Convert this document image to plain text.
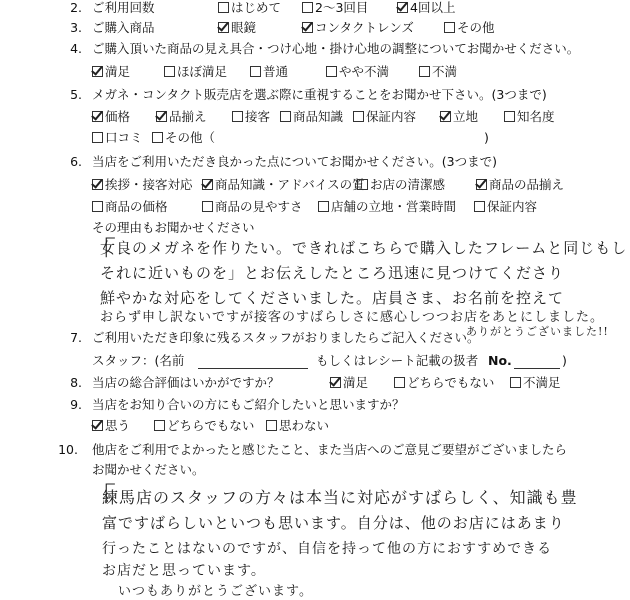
2. ご利用回数	はじめて	2～3回目	4回以上
3. ご購入商品	眼鏡	コンタクトレンズ	その他
4. ご購入頂いた商品の見え具合・つけ心地・掛け心地の調整についてお聞かせください。
満足	ほぼ満足	普通	やや不満	不満
5. メガネ・コンタクト販売店を選ぶ際に重視することをお聞かせ下さい。(3つまで)
価格	品揃え	接客	商品知識	保証内容	立地	知名度
口コミ	その他（	)
6. 当店をご利用いただき良かった点についてお聞かせください。(3つまで)
挨拶・接客対応	商品知識・アドバイスの質 お店の清潔感	商品の品揃え
商品の価格	商品の見やすさ	店舗の立地・営業時間	保証内容
その理由もお聞かせください
「
女良のメガネを作りたい。できればこちらで購入したフレームと同じもし
それに近いものを」とお伝えしたところ迅速に見つけてくださり
鮮やかな対応をしてくださいました。店員さま、お名前を控えて
おらず申し訳ないですが接客のすばらしさに感心しつつお店をあとにしました。
ありがとうございました!!
7. ご利用いただき印象に残るスタッフがおりましたらご記入ください。
スタッフ：(名前	もしくはレシート記載の扱者 No.	)
8. 当店の総合評価はいかがですか？	満足	どちらでもない	不満足
9. 当店をお知り合いの方にもご紹介したいと思いますか？
思う	どちらでもない	思わない
10. 他店をご利用でよかったと感じたこと、また当店へのご意見ご要望がございましたら
お聞かせください。
「
練馬店のスタッフの方々は本当に対応がすばらしく、知識も豊
富ですばらしいといつも思います。自分は、他のお店にはあまり
行ったことはないのですが、自信を持って他の方におすすめできる
お店だと思っています。
いつもありがとうございます。
